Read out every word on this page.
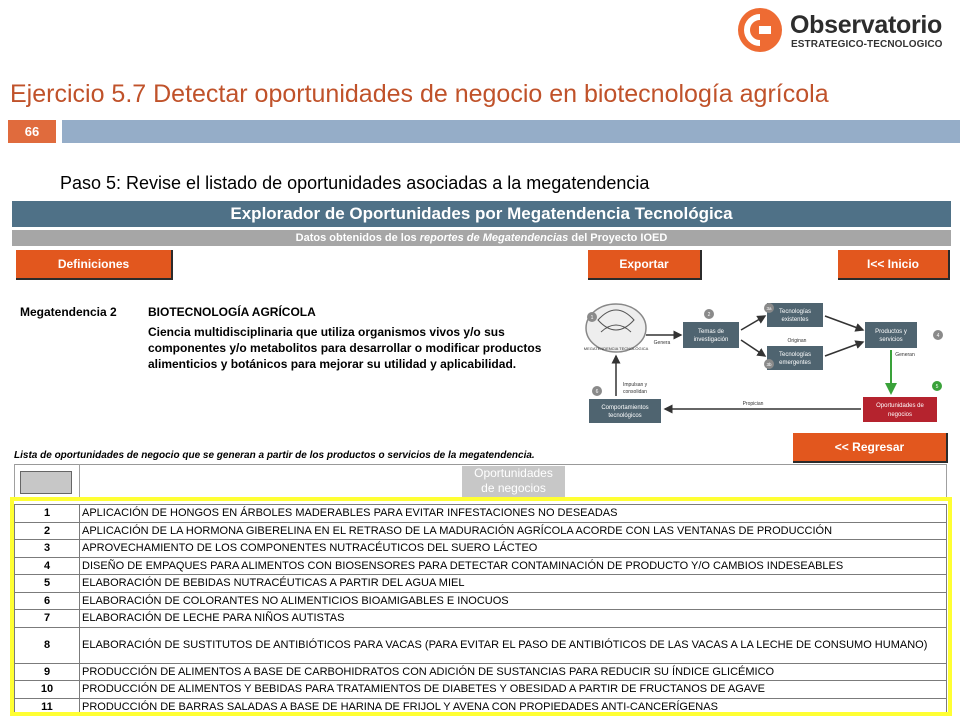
Observatorio
ESTRATEGICO-TECNOLOGICO
Ejercicio 5.7 Detectar oportunidades de negocio en biotecnología agrícola
66
Paso 5: Revise el listado de oportunidades asociadas a la megatendencia
Explorador de Oportunidades por Megatendencia Tecnológica
Datos obtenidos de los reportes de Megatendencias del Proyecto IOED
Definiciones	Exportar	I<< Inicio
Megatendencia 2	BIOTECNOLOGÍA AGRÍCOLA
Ciencia multidisciplinaria que utiliza organismos vivos y/o sus componentes y/o metabolitos para desarrollar o modificar productos alimenticios y botánicos para mejorar su utilidad y aplicabilidad.
MEGATENDENCIA TECNOLÓGICA
Temas de
investigación
Tecnologías
existentes
Tecnologías
emergentes
Productos y
servicios
Oportunidades de
negocios
Comportamientos
tecnológicos
Genera	Originan
Generan
Impulsan y
consolidan
Propician
1	2
3a
3b
4
5
6
Lista de oportunidades de negocio que se generan a partir de los productos o servicios de la megatendencia.
<< Regresar
Oportunidades
de negocios
1	APLICACIÓN DE HONGOS EN ÁRBOLES MADERABLES PARA EVITAR INFESTACIONES NO DESEADAS
2	APLICACIÓN DE LA HORMONA GIBERELINA EN EL RETRASO DE LA MADURACIÓN AGRÍCOLA ACORDE CON LAS VENTANAS DE PRODUCCIÓN
3	APROVECHAMIENTO DE LOS COMPONENTES NUTRACÉUTICOS DEL SUERO LÁCTEO
4	DISEÑO DE EMPAQUES PARA ALIMENTOS CON BIOSENSORES PARA DETECTAR CONTAMINACIÓN DE PRODUCTO Y/O CAMBIOS INDESEABLES
5	ELABORACIÓN DE BEBIDAS NUTRACÉUTICAS A PARTIR DEL AGUA MIEL
6	ELABORACIÓN DE COLORANTES NO ALIMENTICIOS BIOAMIGABLES E INOCUOS
7	ELABORACIÓN DE LECHE PARA NIÑOS AUTISTAS
8	ELABORACIÓN DE SUSTITUTOS DE ANTIBIÓTICOS PARA VACAS (PARA EVITAR EL PASO DE ANTIBIÓTICOS DE LAS VACAS A LA LECHE DE CONSUMO HUMANO)
9	PRODUCCIÓN DE ALIMENTOS A BASE DE CARBOHIDRATOS CON ADICIÓN DE SUSTANCIAS PARA REDUCIR SU ÍNDICE GLICÉMICO
10	PRODUCCIÓN DE ALIMENTOS Y BEBIDAS PARA TRATAMIENTOS DE DIABETES Y OBESIDAD A PARTIR DE FRUCTANOS DE AGAVE
11	PRODUCCIÓN DE BARRAS SALADAS A BASE DE HARINA DE FRIJOL Y AVENA CON PROPIEDADES ANTI-CANCERÍGENAS
